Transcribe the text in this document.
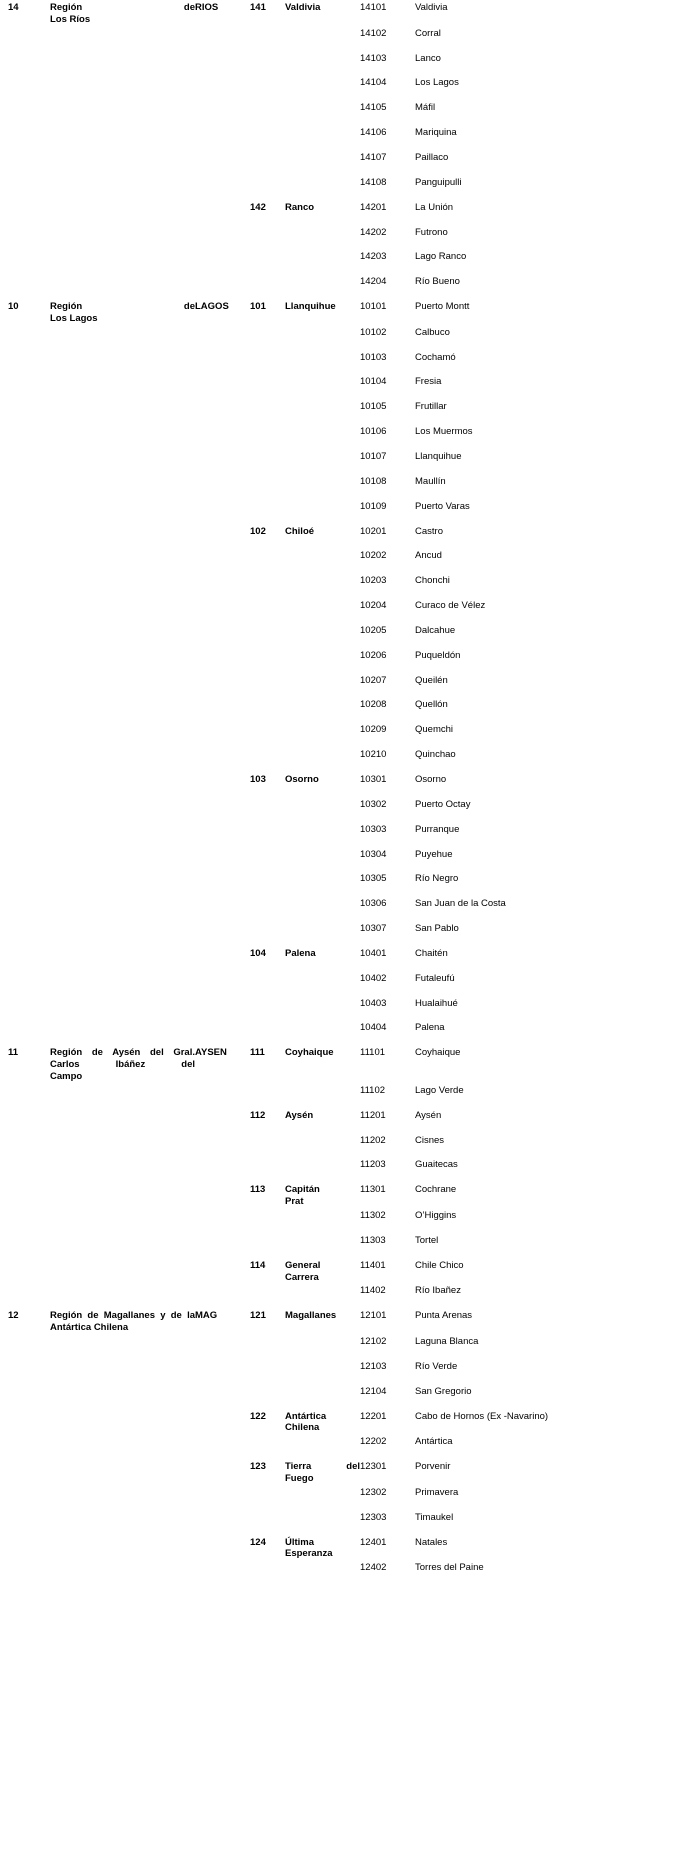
14	Región de
Los Ríos	RIOS	141	Valdivia	14101	Valdivia

					14102	Corral

					14103	Lanco

					14104	Los Lagos

					14105	Máfil

					14106	Mariquina

					14107	Paillaco

					14108	Panguipulli

			142	Ranco	14201	La Unión

					14202	Futrono

					14203	Lago Ranco

					14204	Río Bueno

10	Región de
Los Lagos	LAGOS	101	Llanquihue	10101	Puerto Montt

					10102	Calbuco

					10103	Cochamó

					10104	Fresia

					10105	Frutillar

					10106	Los Muermos

					10107	Llanquihue

					10108	Maullín

					10109	Puerto Varas

			102	Chiloé	10201	Castro

					10202	Ancud

					10203	Chonchi

					10204	Curaco de Vélez

					10205	Dalcahue

					10206	Puqueldón

					10207	Queilén

					10208	Quellón

					10209	Quemchi

					10210	Quinchao

			103	Osorno	10301	Osorno

					10302	Puerto Octay

					10303	Purranque

					10304	Puyehue

					10305	Río Negro

					10306	San Juan de la Costa

					10307	San Pablo

			104	Palena	10401	Chaitén

					10402	Futaleufú

					10403	Hualaihué

					10404	Palena

11	Región de Aysén del Gral. Carlos Ibáñez del
Campo	AYSEN	111	Coyhaique	11101	Coyhaique

					11102	Lago Verde

			112	Aysén	11201	Aysén

					11202	Cisnes

					11203	Guaitecas

			113	Capitán
Prat	11301	Cochrane

					11302	O’Higgins

					11303	Tortel

			114	General
Carrera	11401	Chile Chico

					11402	Río Ibañez

12	Región de Magallanes y de la
Antártica Chilena	MAG	121	Magallanes	12101	Punta Arenas

					12102	Laguna Blanca

					12103	Río Verde

					12104	San Gregorio

			122	Antártica
Chilena	12201	Cabo de Hornos (Ex -Navarino)

					12202	Antártica

			123	Tierra del
Fuego	12301	Porvenir

					12302	Primavera

					12303	Timaukel

			124	Última
Esperanza	12401	Natales

					12402	Torres del Paine
